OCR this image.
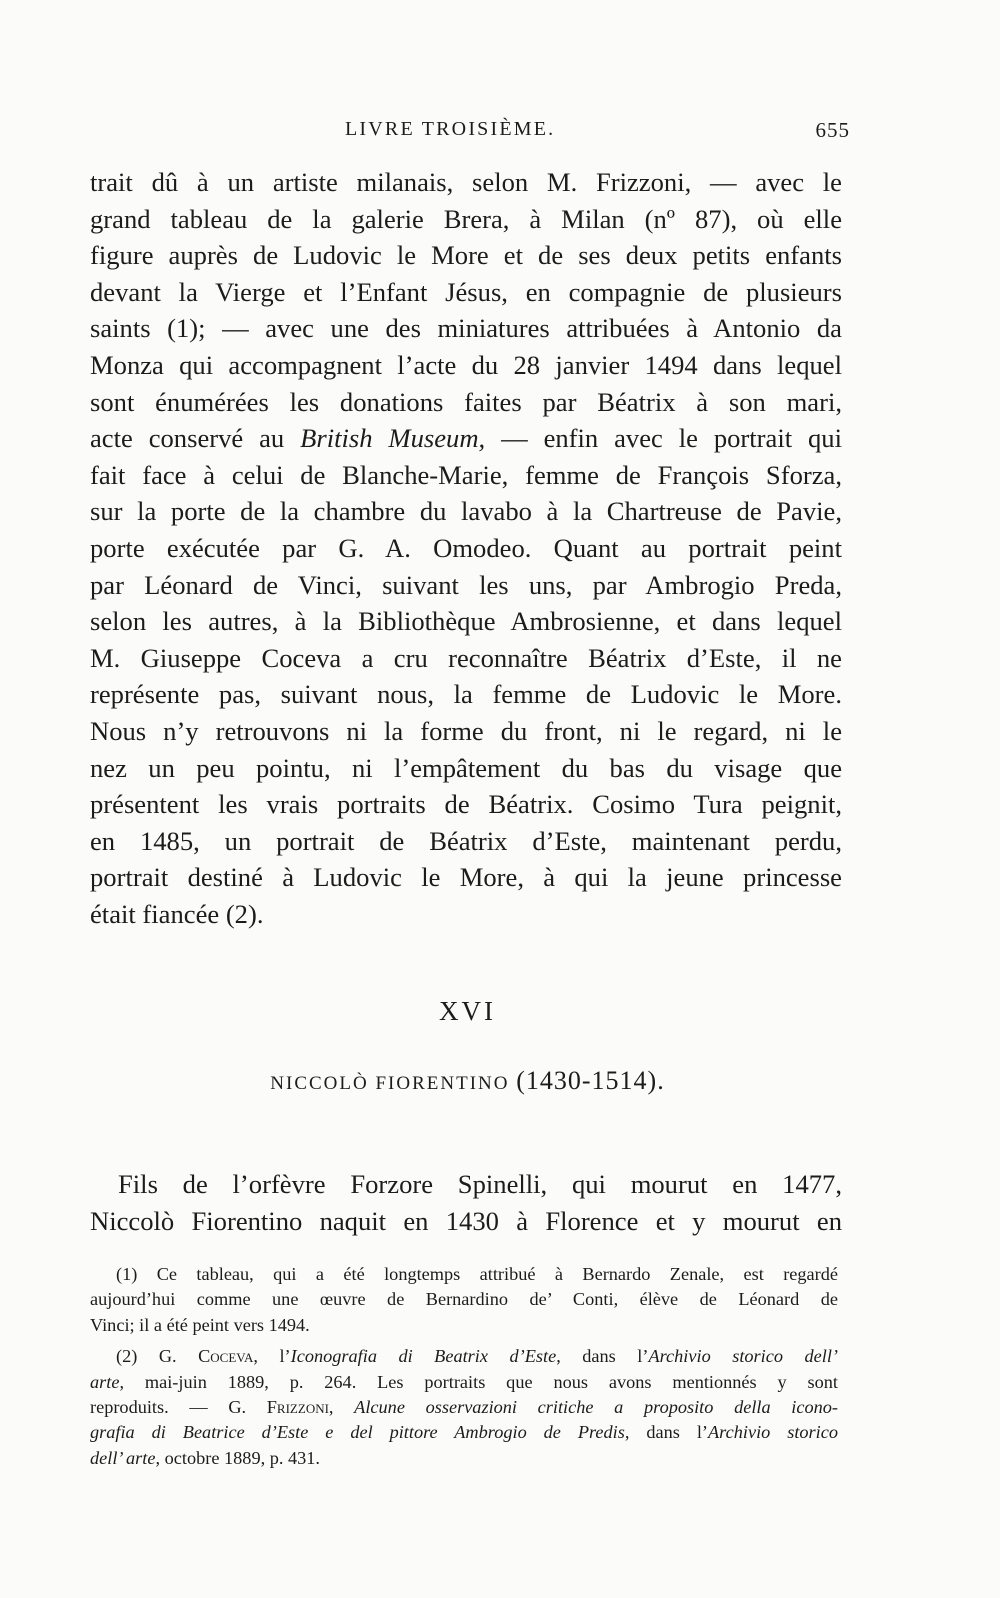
LIVRE TROISIÈME.	655
trait dû à un artiste milanais, selon M. Frizzoni, — avec le
grand tableau de la galerie Brera, à Milan (nº 87), où elle
figure auprès de Ludovic le More et de ses deux petits enfants
devant la Vierge et l’Enfant Jésus, en compagnie de plusieurs
saints (1); — avec une des miniatures attribuées à Antonio da
Monza qui accompagnent l’acte du 28 janvier 1494 dans lequel
sont énumérées les donations faites par Béatrix à son mari,
acte conservé au British Museum, — enfin avec le portrait qui
fait face à celui de Blanche-Marie, femme de François Sforza,
sur la porte de la chambre du lavabo à la Chartreuse de Pavie,
porte exécutée par G. A. Omodeo. Quant au portrait peint
par Léonard de Vinci, suivant les uns, par Ambrogio Preda,
selon les autres, à la Bibliothèque Ambrosienne, et dans lequel
M. Giuseppe Coceva a cru reconnaître Béatrix d’Este, il ne
représente pas, suivant nous, la femme de Ludovic le More.
Nous n’y retrouvons ni la forme du front, ni le regard, ni le
nez un peu pointu, ni l’empâtement du bas du visage que
présentent les vrais portraits de Béatrix. Cosimo Tura peignit,
en 1485, un portrait de Béatrix d’Este, maintenant perdu,
portrait destiné à Ludovic le More, à qui la jeune princesse
était fiancée (2).
XVI
NICCOLÒ FIORENTINO (1430-1514).
Fils de l’orfèvre Forzore Spinelli, qui mourut en 1477,
Niccolò Fiorentino naquit en 1430 à Florence et y mourut en
(1) Ce tableau, qui a été longtemps attribué à Bernardo Zenale, est regardé
aujourd’hui comme une œuvre de Bernardino de’ Conti, élève de Léonard de
Vinci; il a été peint vers 1494.
(2) G. Coceva, l’Iconografia di Beatrix d’Este, dans l’Archivio storico dell’
arte, mai-juin 1889, p. 264. Les portraits que nous avons mentionnés y sont
reproduits. — G. Frizzoni, Alcune osservazioni critiche a proposito della icono-
grafia di Beatrice d’Este e del pittore Ambrogio de Predis, dans l’Archivio storico
dell’ arte, octobre 1889, p. 431.
